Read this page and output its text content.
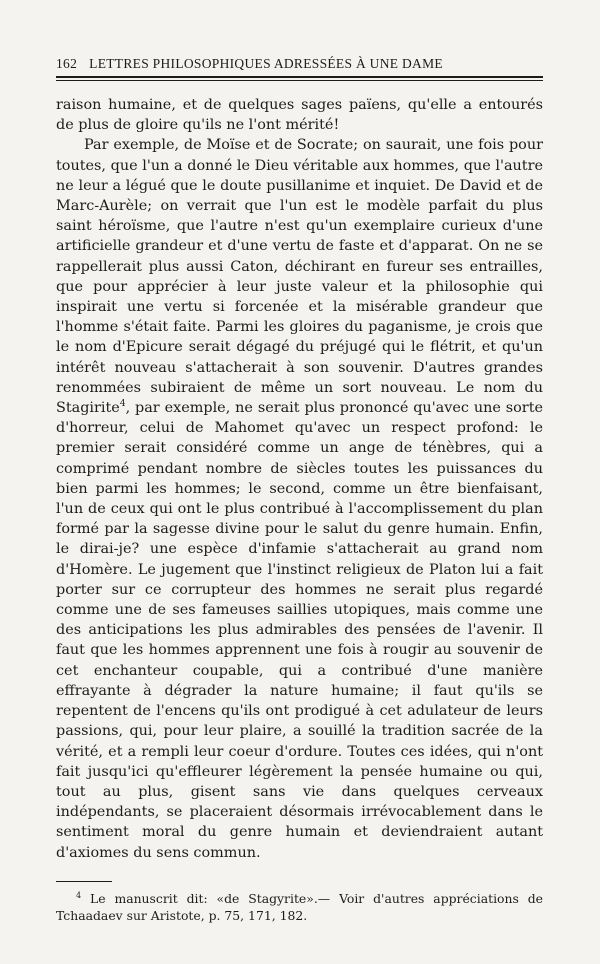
162 LETTRES PHILOSOPHIQUES ADRESSÉES À UNE DAME

raison humaine, et de quelques sages païens, qu'elle a entourés de plus de gloire qu'ils ne l'ont mérité!

Par exemple, de Moïse et de Socrate; on saurait, une fois pour toutes, que l'un a donné le Dieu véritable aux hommes, que l'autre ne leur a légué que le doute pusillanime et inquiet. De David et de Marc-Aurèle; on verrait que l'un est le modèle parfait du plus saint héroïsme, que l'autre n'est qu'un exemplaire curieux d'une artificielle grandeur et d'une vertu de faste et d'apparat. On ne se rappellerait plus aussi Caton, déchirant en fureur ses entrailles, que pour apprécier à leur juste valeur et la philosophie qui inspirait une vertu si forcenée et la misérable grandeur que l'homme s'était faite. Parmi les gloires du paganisme, je crois que le nom d'Epicure serait dégagé du préjugé qui le flétrit, et qu'un intérêt nouveau s'attacherait à son souvenir. D'autres grandes renommées subiraient de même un sort nouveau. Le nom du Stagirite$^4$, par exemple, ne serait plus prononcé qu'avec une sorte d'horreur, celui de Mahomet qu'avec un respect profond: le premier serait considéré comme un ange de ténèbres, qui a comprimé pendant nombre de siècles toutes les puissances du bien parmi les hommes; le second, comme un être bienfaisant, l'un de ceux qui ont le plus contribué à l'accomplissement du plan formé par la sagesse divine pour le salut du genre humain. Enfin, le dirai-je? une espèce d'infamie s'attacherait au grand nom d'Homère. Le jugement que l'instinct religieux de Platon lui a fait porter sur ce corrupteur des hommes ne serait plus regardé comme une de ses fameuses saillies utopiques, mais comme une des anticipations les plus admirables des pensées de l'avenir. Il faut que les hommes apprennent une fois à rougir au souvenir de cet enchanteur coupable, qui a contribué d'une manière effrayante à dégrader la nature humaine; il faut qu'ils se repentent de l'encens qu'ils ont prodigué à cet adulateur de leurs passions, qui, pour leur plaire, a souillé la tradition sacrée de la vérité, et a rempli leur coeur d'ordure. Toutes ces idées, qui n'ont fait jusqu'ici qu'effleurer légèrement la pensée humaine ou qui, tout au plus, gisent sans vie dans quelques cerveaux indépendants, se placeraient désormais irrévocablement dans le sentiment moral du genre humain et deviendraient autant d'axiomes du sens commun.

$^4$ Le manuscrit dit: «de Stagyrite».— Voir d'autres appréciations de Tchaadaev sur Aristote, p. 75, 171, 182.
